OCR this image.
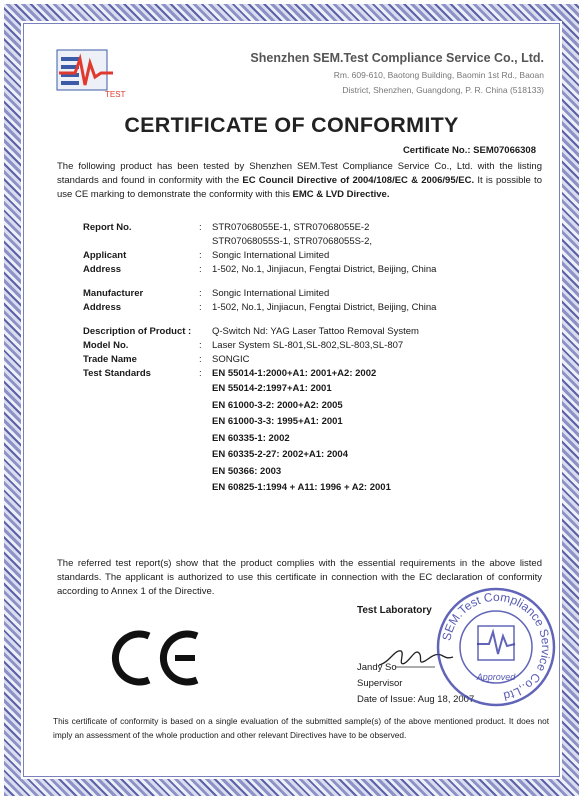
TEST
Shenzhen SEM.Test Compliance Service Co., Ltd.
Rm. 609-610, Baotong Building, Baomin 1st Rd., Baoan
District, Shenzhen, Guangdong, P. R. China (518133)
CERTIFICATE OF CONFORMITY
Certificate No.: SEM07066308
The following product has been tested by Shenzhen SEM.Test Compliance Service Co., Ltd. with the listing standards and found in conformity with the EC Council Directive of 2004/108/EC & 2006/95/EC. It is possible to use CE marking to demonstrate the conformity with this EMC & LVD Directive.
Report No.	:	STR07068055E-1, STR07068055E-2
STR07068055S-1, STR07068055S-2,
Applicant	:	Songic International Limited
Address	:	1-502, No.1, Jinjiacun, Fengtai District, Beijing, China
Manufacturer	:	Songic International Limited
Address	:	1-502, No.1, Jinjiacun, Fengtai District, Beijing, China
Description of Product :	Q-Switch Nd: YAG Laser Tattoo Removal System
Model No.	:	Laser System SL-801,SL-802,SL-803,SL-807
Trade Name	:	SONGIC
Test Standards	:	EN 55014-1:2000+A1: 2001+A2: 2002
EN 55014-2:1997+A1: 2001
EN 61000-3-2: 2000+A2: 2005
EN 61000-3-3: 1995+A1: 2001
EN 60335-1: 2002
EN 60335-2-27: 2002+A1: 2004
EN 50366: 2003
EN 60825-1:1994 + A11: 1996 + A2: 2001
The referred test report(s) show that the product complies with the essential requirements in the above listed standards. The applicant is authorized to use this certificate in connection with the EC declaration of conformity according to Annex 1 of the Directive.
Test Laboratory
Jandy So
Supervisor
Date of Issue: Aug 18, 2007
SEM.Test Compliance Service Co.,Ltd
Approved
This certificate of conformity is based on a single evaluation of the submitted sample(s) of the above mentioned product. It does not imply an assessment of the whole production and other relevant Directives have to be observed.
